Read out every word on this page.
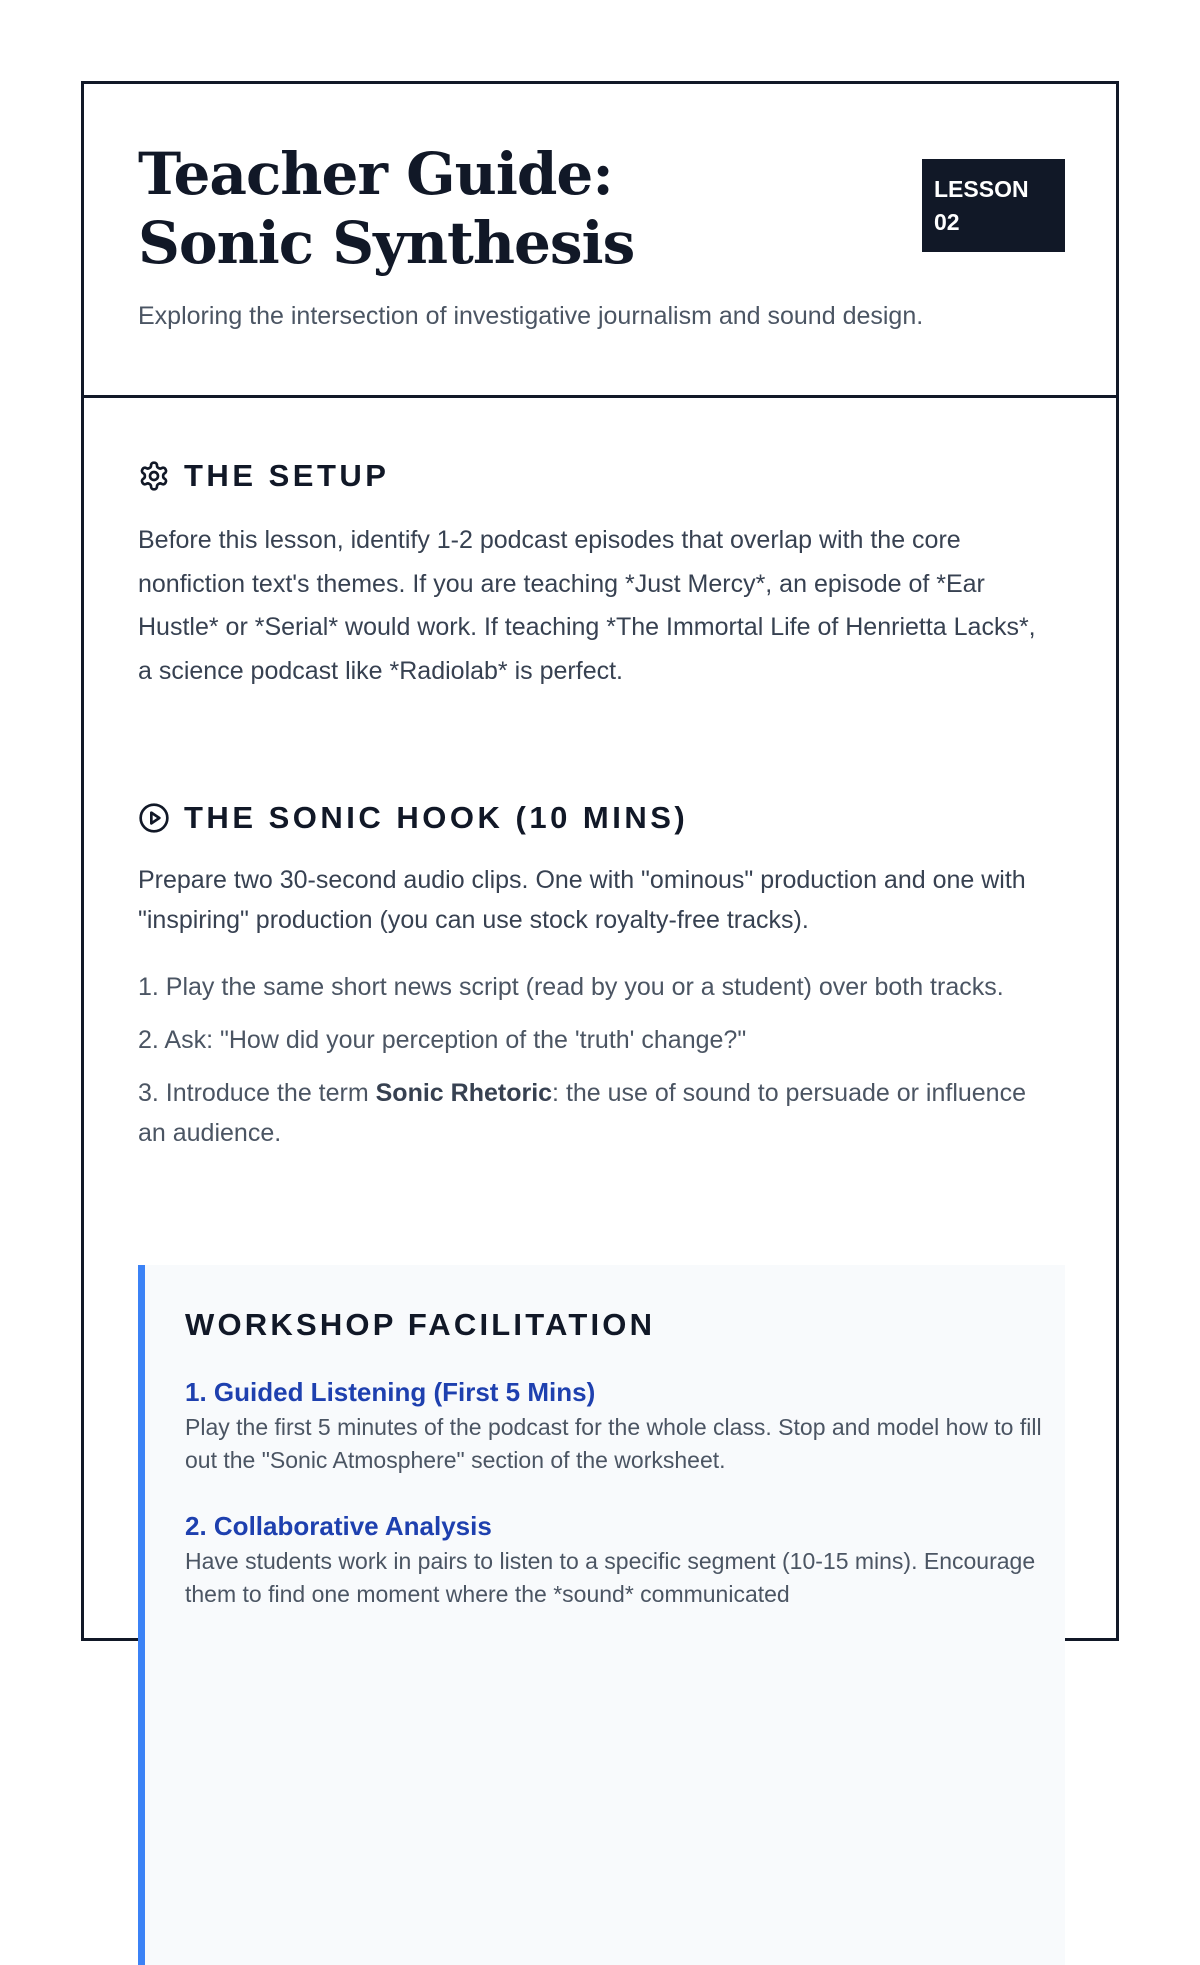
Teacher Guide: Sonic Synthesis
LESSON
02

Exploring the intersection of investigative journalism and sound design.

THE SETUP

Before this lesson, identify 1-2 podcast episodes that overlap with the core nonfiction text's themes. If you are teaching *Just Mercy*, an episode of *Ear Hustle* or *Serial* would work. If teaching *The Immortal Life of Henrietta Lacks*, a science podcast like *Radiolab* is perfect.

THE SONIC HOOK (10 MINS)

Prepare two 30-second audio clips. One with "ominous" production and one with "inspiring" production (you can use stock royalty-free tracks).

1. Play the same short news script (read by you or a student) over both tracks.
2. Ask: "How did your perception of the 'truth' change?"
3. Introduce the term Sonic Rhetoric: the use of sound to persuade or influence an audience.
WORKSHOP FACILITATION
1. Guided Listening (First 5 Mins)

Play the first 5 minutes of the podcast for the whole class. Stop and model how to fill out the "Sonic Atmosphere" section of the worksheet.

2. Collaborative Analysis

Have students work in pairs to listen to a specific segment (10-15 mins). Encourage them to find one moment where the *sound* communicated
